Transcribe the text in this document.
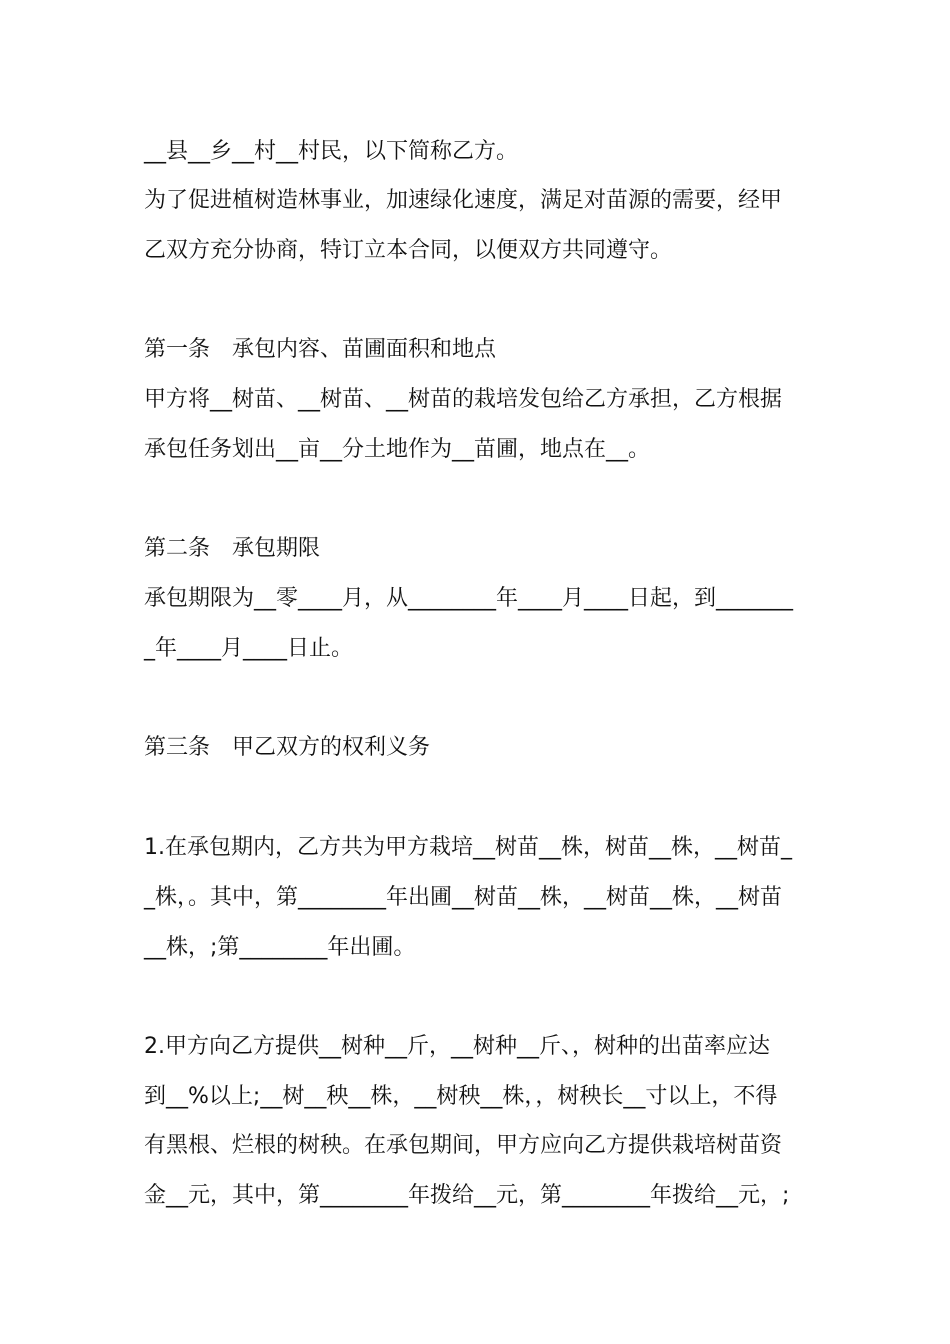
__县__乡__村__村民，以下简称乙方。
为了促进植树造林事业，加速绿化速度，满足对苗源的需要，经甲
乙双方充分协商，特订立本合同，以便双方共同遵守。
第一条　承包内容、苗圃面积和地点
甲方将__树苗、__树苗、__树苗的栽培发包给乙方承担，乙方根据
承包任务划出__亩__分土地作为__苗圃，地点在__。
第二条　承包期限
承包期限为__零____月，从________年____月____日起，到_______
_年____月____日止。
第三条　甲乙双方的权利义务
1.在承包期内，乙方共为甲方栽培__树苗__株，树苗__株，__树苗_
_株，。其中，第________年出圃__树苗__株，__树苗__株，__树苗
__株，;第________年出圃。
2.甲方向乙方提供__树种__斤，__树种__斤、，树种的出苗率应达
到__%以上;__树__秧__株，__树秧__株，，树秧长__寸以上，不得
有黑根、烂根的树秧。在承包期间，甲方应向乙方提供栽培树苗资
金__元，其中，第________年拨给__元，第________年拨给__元，;
